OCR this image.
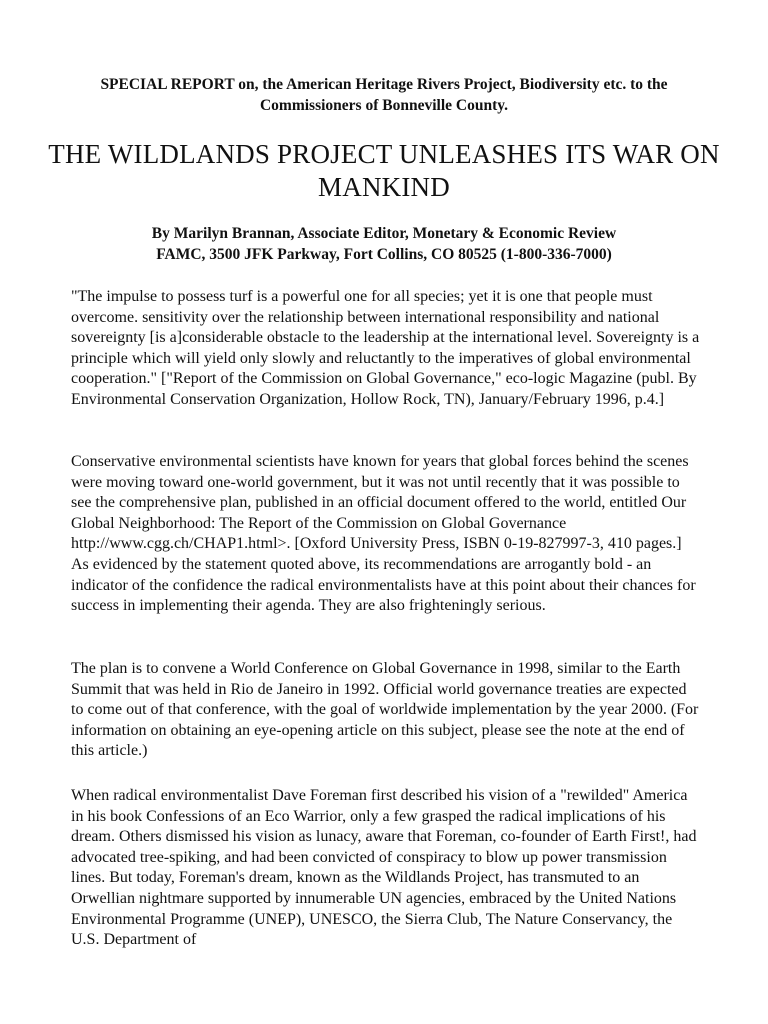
SPECIAL REPORT on, the American Heritage Rivers Project, Biodiversity etc. to the Commissioners of Bonneville County.

THE WILDLANDS PROJECT UNLEASHES ITS WAR ON MANKIND

By Marilyn Brannan, Associate Editor, Monetary & Economic Review
FAMC, 3500 JFK Parkway, Fort Collins, CO 80525 (1-800-336-7000)

"The impulse to possess turf is a powerful one for all species; yet it is one that people must overcome. sensitivity over the relationship between international responsibility and national sovereignty [is a]considerable obstacle to the leadership at the international level. Sovereignty is a principle which will yield only slowly and reluctantly to the imperatives of global environmental cooperation." ["Report of the Commission on Global Governance," eco-logic Magazine (publ. By Environmental Conservation Organization, Hollow Rock, TN), January/February 1996, p.4.]

Conservative environmental scientists have known for years that global forces behind the scenes were moving toward one-world government, but it was not until recently that it was possible to see the comprehensive plan, published in an official document offered to the world, entitled Our Global Neighborhood: The Report of the Commission on Global Governance http://www.cgg.ch/CHAP1.html>. [Oxford University Press, ISBN 0-19-827997-3, 410 pages.] As evidenced by the statement quoted above, its recommendations are arrogantly bold - an indicator of the confidence the radical environmentalists have at this point about their chances for success in implementing their agenda. They are also frighteningly serious.

The plan is to convene a World Conference on Global Governance in 1998, similar to the Earth Summit that was held in Rio de Janeiro in 1992. Official world governance treaties are expected to come out of that conference, with the goal of worldwide implementation by the year 2000. (For information on obtaining an eye-opening article on this subject, please see the note at the end of this article.)

When radical environmentalist Dave Foreman first described his vision of a "rewilded" America in his book Confessions of an Eco Warrior, only a few grasped the radical implications of his dream. Others dismissed his vision as lunacy, aware that Foreman, co-founder of Earth First!, had advocated tree-spiking, and had been convicted of conspiracy to blow up power transmission lines. But today, Foreman's dream, known as the Wildlands Project, has transmuted to an Orwellian nightmare supported by innumerable UN agencies, embraced by the United Nations Environmental Programme (UNEP), UNESCO, the Sierra Club, The Nature Conservancy, the U.S. Department of
